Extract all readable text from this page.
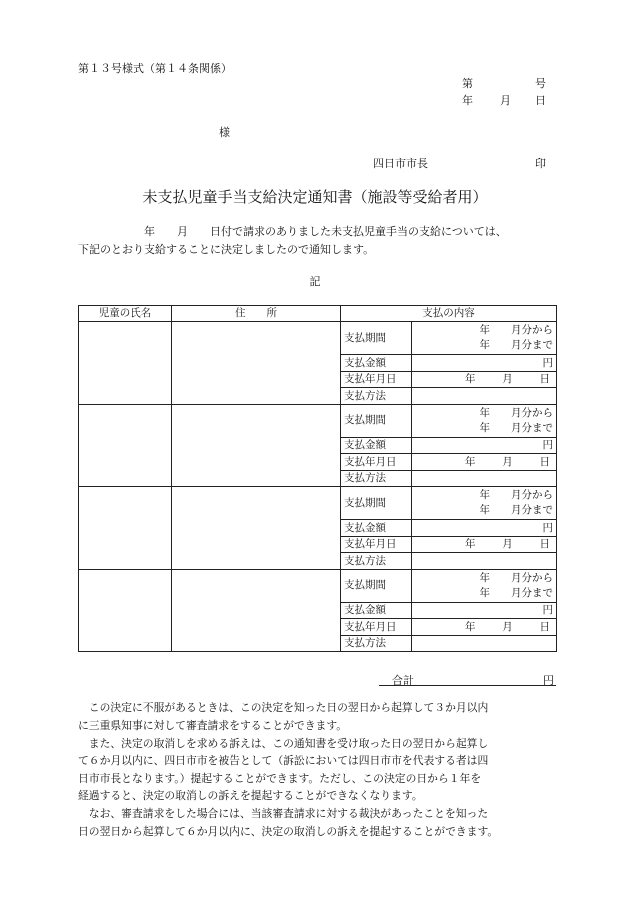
第１３号様式（第１４条関係）
第	号
年 月 日
様
四日市市長	印
未支払児童手当支給決定通知書（施設等受給者用）
年　　月　　日付で請求のありました未支払児童手当の支給については、
下記のとおり支給することに決定しましたので通知します。
記
児童の氏名	住　　所	支払の内容	
		支払期間	年　　月分から
年　　月分まで

		支払金額	円
		支払年月日	年 月 日

		支払方法	
		支払期間	年　　月分から
年　　月分まで

		支払金額	円
		支払年月日	年 月 日

		支払方法	
		支払期間	年　　月分から
年　　月分まで

		支払金額	円
		支払年月日	年 月 日

		支払方法	
		支払期間	年　　月分から
年　　月分まで

		支払金額	円
		支払年月日	年 月 日

		支払方法	
合計	円
　この決定に不服があるときは、この決定を知った日の翌日から起算して３か月以内
に三重県知事に対して審査請求をすることができます。
　また、決定の取消しを求める訴えは、この通知書を受け取った日の翌日から起算し
て６か月以内に、四日市市を被告として（訴訟においては四日市市を代表する者は四
日市市長となります。）提起することができます。ただし、この決定の日から１年を
経過すると、決定の取消しの訴えを提起することができなくなります。
　なお、審査請求をした場合には、当該審査請求に対する裁決があったことを知った
日の翌日から起算して６か月以内に、決定の取消しの訴えを提起することができます。
